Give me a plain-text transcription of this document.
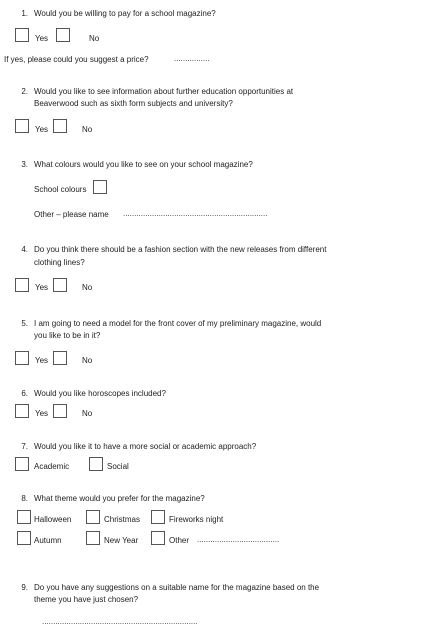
1. Would you be willing to pay for a school magazine?
Yes	No
If yes, please could you suggest a price?	................
2. Would you like to see information about further education opportunities at
Beaverwood such as sixth form subjects and university?
Yes	No
3. What colours would you like to see on your school magazine?
School colours
Other – please name .................................................................
4. Do you think there should be a fashion section with the new releases from different
clothing lines?
Yes	No
5. I am going to need a model for the front cover of my preliminary magazine, would
you like to be in it?
Yes	No
6. Would you like horoscopes included?
Yes	No
7. Would you like it to have a more social or academic approach?
Academic	Social
8. What theme would you prefer for the magazine?
Halloween	Christmas	Fireworks night
Autumn	New Year	Other .....................................
9. Do you have any suggestions on a suitable name for the magazine based on the
theme you have just chosen?
......................................................................
